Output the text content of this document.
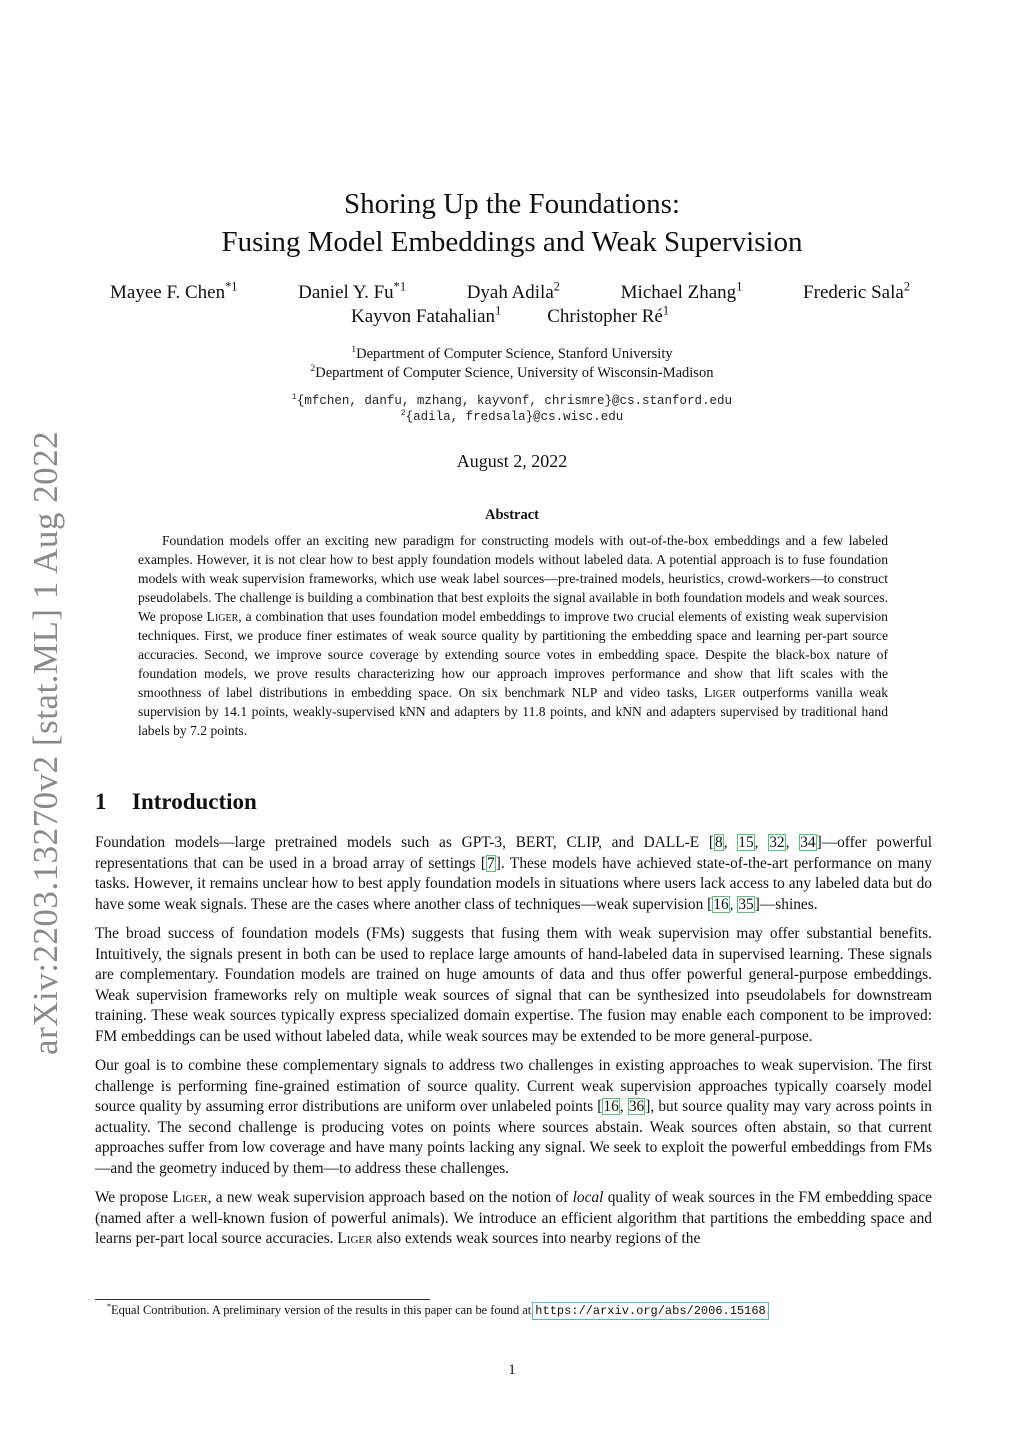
arXiv:2203.13270v2 [stat.ML] 1 Aug 2022
Shoring Up the Foundations:
Fusing Model Embeddings and Weak Supervision
Mayee F. Chen$^{*1}$	Daniel Y. Fu$^{*1}$	Dyah Adila$^2$	Michael Zhang$^1$	Frederic Sala$^2$
Kayvon Fatahalian$^1$ Christopher $Ré^1$
$^1$Department of Computer Science, Stanford University
$^2$Department of Computer Science, University of Wisconsin-Madison
$^1${mfchen, danfu, mzhang, kayvonf, chrismre}@cs.stanford.edu
$^2${adila, fredsala}@cs.wisc.edu
August 2, 2022
Abstract

Foundation models offer an exciting new paradigm for constructing models with out-of-the-box embeddings and a few labeled examples. However, it is not clear how to best apply foundation models without labeled data. A potential approach is to fuse foundation models with weak supervision frameworks, which use weak label sources—pre-trained models, heuristics, crowd-workers—to construct pseudolabels. The challenge is building a combination that best exploits the signal available in both foundation models and weak sources. We propose Liger, a combination that uses foundation model embeddings to improve two crucial elements of existing weak supervision techniques. First, we produce finer estimates of weak source quality by partitioning the embedding space and learning per-part source accuracies. Second, we improve source coverage by extending source votes in embedding space. Despite the black-box nature of foundation models, we prove results characterizing how our approach improves performance and show that lift scales with the smoothness of label distributions in embedding space. On six benchmark NLP and video tasks, Liger outperforms vanilla weak supervision by 14.1 points, weakly-supervised kNN and adapters by 11.8 points, and kNN and adapters supervised by traditional hand labels by 7.2 points.

1 Introduction

Foundation models—large pretrained models such as GPT-3, BERT, CLIP, and DALL-E [8, 15, 32, 34]—offer powerful representations that can be used in a broad array of settings [7]. These models have achieved state-of-the-art performance on many tasks. However, it remains unclear how to best apply foundation models in situations where users lack access to any labeled data but do have some weak signals. These are the cases where another class of techniques—weak supervision [16, 35]—shines.

The broad success of foundation models (FMs) suggests that fusing them with weak supervision may offer substantial benefits. Intuitively, the signals present in both can be used to replace large amounts of hand-labeled data in supervised learning. These signals are complementary. Foundation models are trained on huge amounts of data and thus offer powerful general-purpose embeddings. Weak supervision frameworks rely on multiple weak sources of signal that can be synthesized into pseudolabels for downstream training. These weak sources typically express specialized domain expertise. The fusion may enable each component to be improved: FM embeddings can be used without labeled data, while weak sources may be extended to be more general-purpose.

Our goal is to combine these complementary signals to address two challenges in existing approaches to weak supervision. The first challenge is performing fine-grained estimation of source quality. Current weak supervision approaches typically coarsely model source quality by assuming error distributions are uniform over unlabeled points [16, 36], but source quality may vary across points in actuality. The second challenge is producing votes on points where sources abstain. Weak sources often abstain, so that current approaches suffer from low coverage and have many points lacking any signal. We seek to exploit the powerful embeddings from FMs—and the geometry induced by them—to address these challenges.

We propose Liger, a new weak supervision approach based on the notion of local quality of weak sources in the FM embedding space (named after a well-known fusion of powerful animals). We introduce an efficient algorithm that partitions the embedding space and learns per-part local source accuracies. Liger also extends weak sources into nearby regions of the

*Equal Contribution. A preliminary version of the results in this paper can be found at https://arxiv.org/abs/2006.15168.
1
